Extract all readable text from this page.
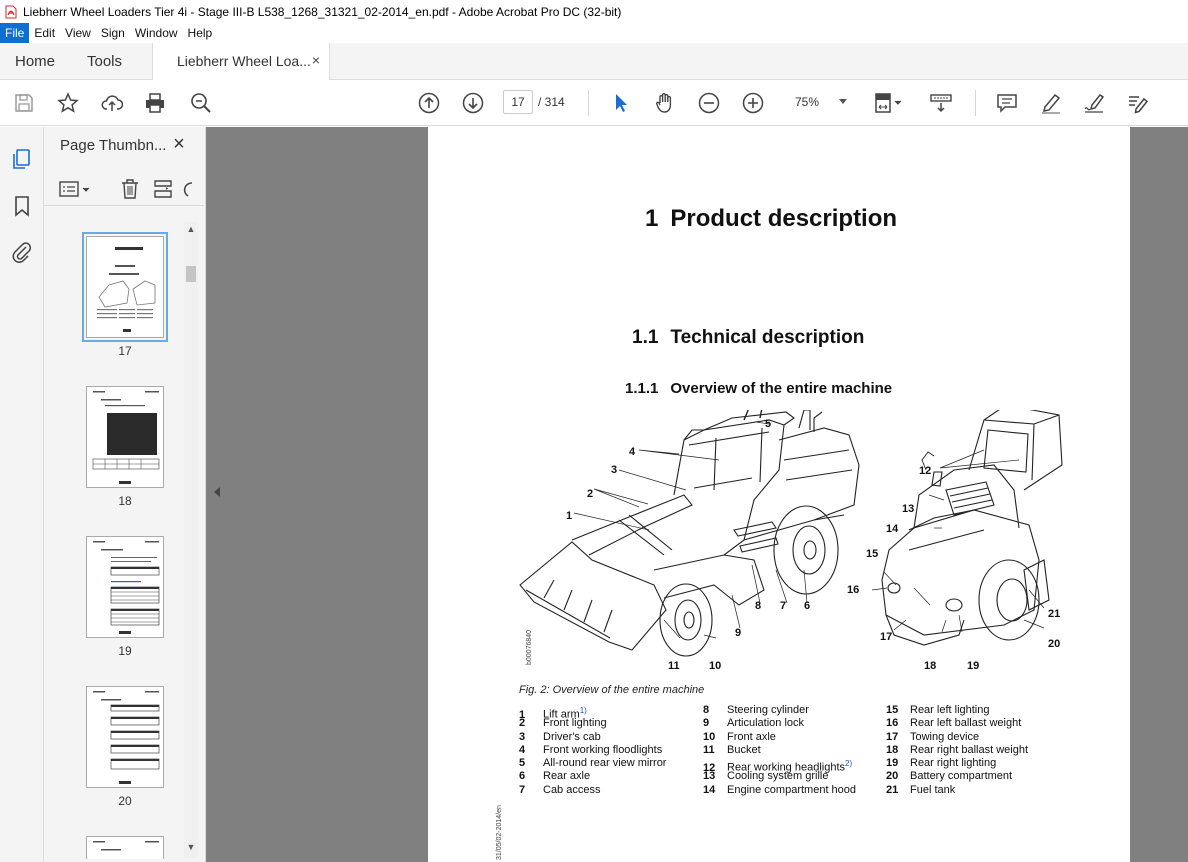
Liebherr Wheel Loaders Tier 4i - Stage III-B L538_1268_31321_02-2014_en.pdf - Adobe Acrobat Pro DC (32-bit)
File Edit View Sign Window Help
Home Tools	Liebherr Wheel Loa... ×
17	/ 314	75%
Page Thumbn... ×
17
18
19
20
▲
▼
1 Product description
1.1 Technical description
1.1.1 Overview of the entire machine
1
2
3
4
5
6
7
8
9
10
11
12
13
14
15
16
17
18	19
20
21
b00076840
Fig. 2: Overview of the entire machine
1 Lift arm$^{1)}$
2 Front lighting
3 Driver's cab
4 Front working floodlights
5 All-round rear view mirror
6 Rear axle
7 Cab access
8 Steering cylinder
9 Articulation lock
10 Front axle
11 Bucket
12 Rear working headlights$^{2)}$
13 Cooling system grille
14 Engine compartment hood
15 Rear left lighting
16 Rear left ballast weight
17 Towing device
18 Rear right ballast weight
19 Rear right lighting
20 Battery compartment
21 Fuel tank
31/05/02-2014/en
